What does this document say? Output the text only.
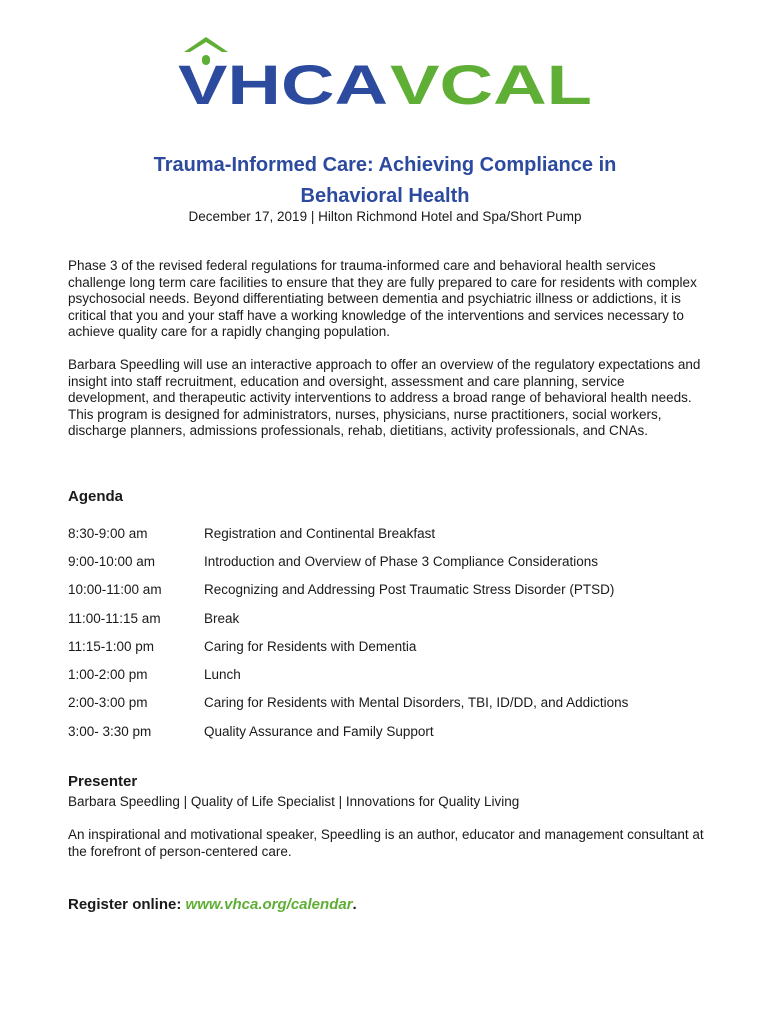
VHCA VCAL
Trauma-Informed Care: Achieving Compliance in
Behavioral Health
December 17, 2019 | Hilton Richmond Hotel and Spa/Short Pump

Phase 3 of the revised federal regulations for trauma-informed care and behavioral health services challenge long term care facilities to ensure that they are fully prepared to care for residents with complex psychosocial needs. Beyond differentiating between dementia and psychiatric illness or addictions, it is critical that you and your staff have a working knowledge of the interventions and services necessary to achieve quality care for a rapidly changing population.

Barbara Speedling will use an interactive approach to offer an overview of the regulatory expectations and insight into staff recruitment, education and oversight, assessment and care planning, service development, and therapeutic activity interventions to address a broad range of behavioral health needs. This program is designed for administrators, nurses, physicians, nurse practitioners, social workers, discharge planners, admissions professionals, rehab, dietitians, activity professionals, and CNAs.

Agenda
8:30-9:00 am	Registration and Continental Breakfast
9:00-10:00 am	Introduction and Overview of Phase 3 Compliance Considerations
10:00-11:00 am	Recognizing and Addressing Post Traumatic Stress Disorder (PTSD)
11:00-11:15 am	Break
11:15-1:00 pm	Caring for Residents with Dementia
1:00-2:00 pm	Lunch
2:00-3:00 pm	Caring for Residents with Mental Disorders, TBI, ID/DD, and Addictions
3:00- 3:30 pm	Quality Assurance and Family Support
Presenter
Barbara Speedling | Quality of Life Specialist | Innovations for Quality Living

An inspirational and motivational speaker, Speedling is an author, educator and management consultant at the forefront of person-centered care.

Register online: www.vhca.org/calendar.
